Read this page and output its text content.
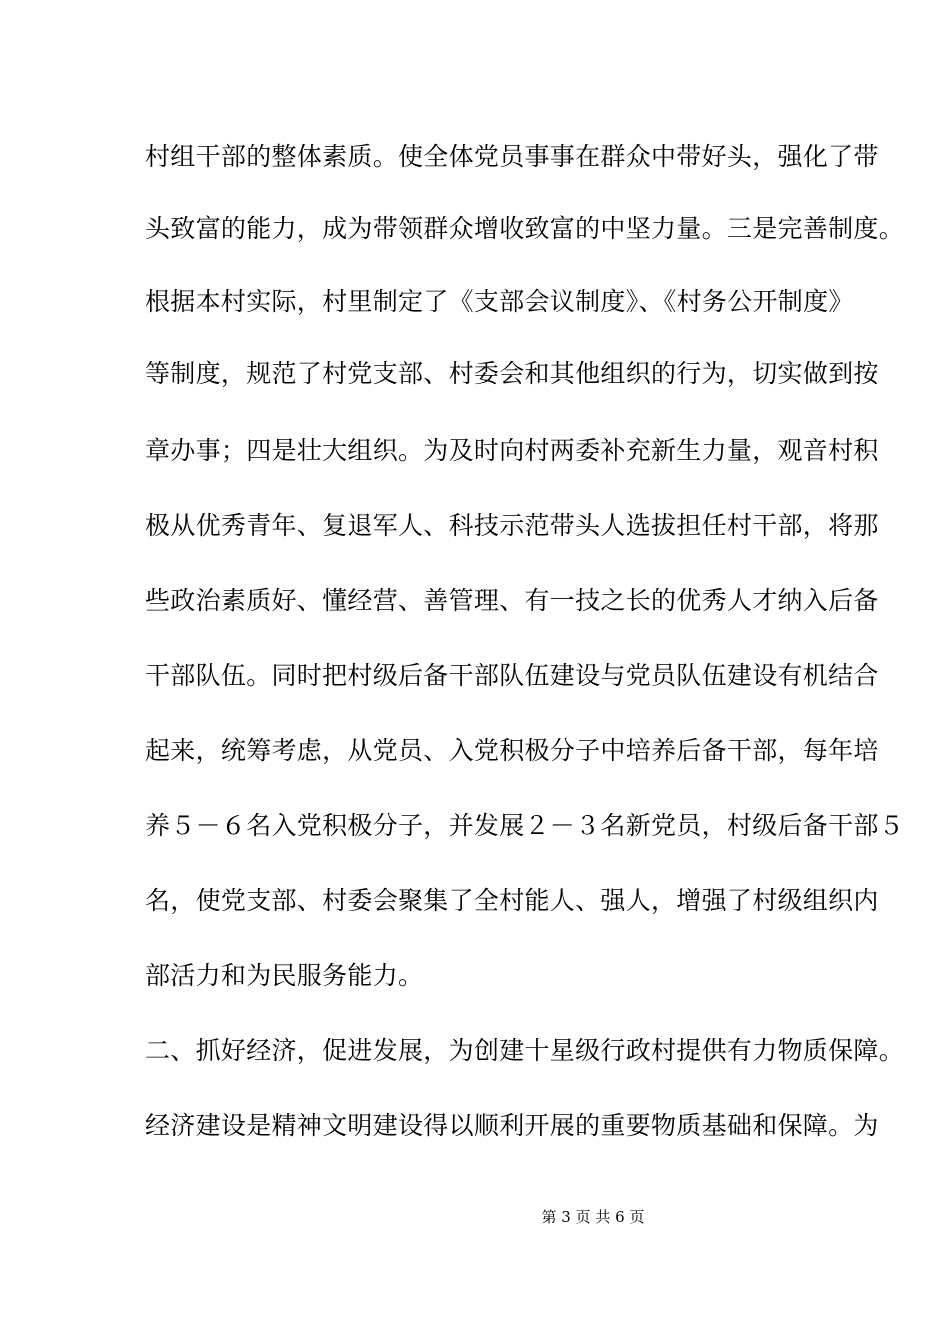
村组干部的整体素质。使全体党员事事在群众中带好头，强化了带
头致富的能力，成为带领群众增收致富的中坚力量。三是完善制度。
根据本村实际，村里制定了《支部会议制度》、《村务公开制度》
等制度，规范了村党支部、村委会和其他组织的行为，切实做到按
章办事；四是壮大组织。为及时向村两委补充新生力量，观音村积
极从优秀青年、复退军人、科技示范带头人选拔担任村干部，将那
些政治素质好、懂经营、善管理、有一技之长的优秀人才纳入后备
干部队伍。同时把村级后备干部队伍建设与党员队伍建设有机结合
起来，统筹考虑，从党员、入党积极分子中培养后备干部，每年培
养５－６名入党积极分子，并发展２－３名新党员，村级后备干部５
名，使党支部、村委会聚集了全村能人、强人，增强了村级组织内
部活力和为民服务能力。
二、抓好经济，促进发展，为创建十星级行政村提供有力物质保障。
经济建设是精神文明建设得以顺利开展的重要物质基础和保障。为
第 3 页 共 6 页
